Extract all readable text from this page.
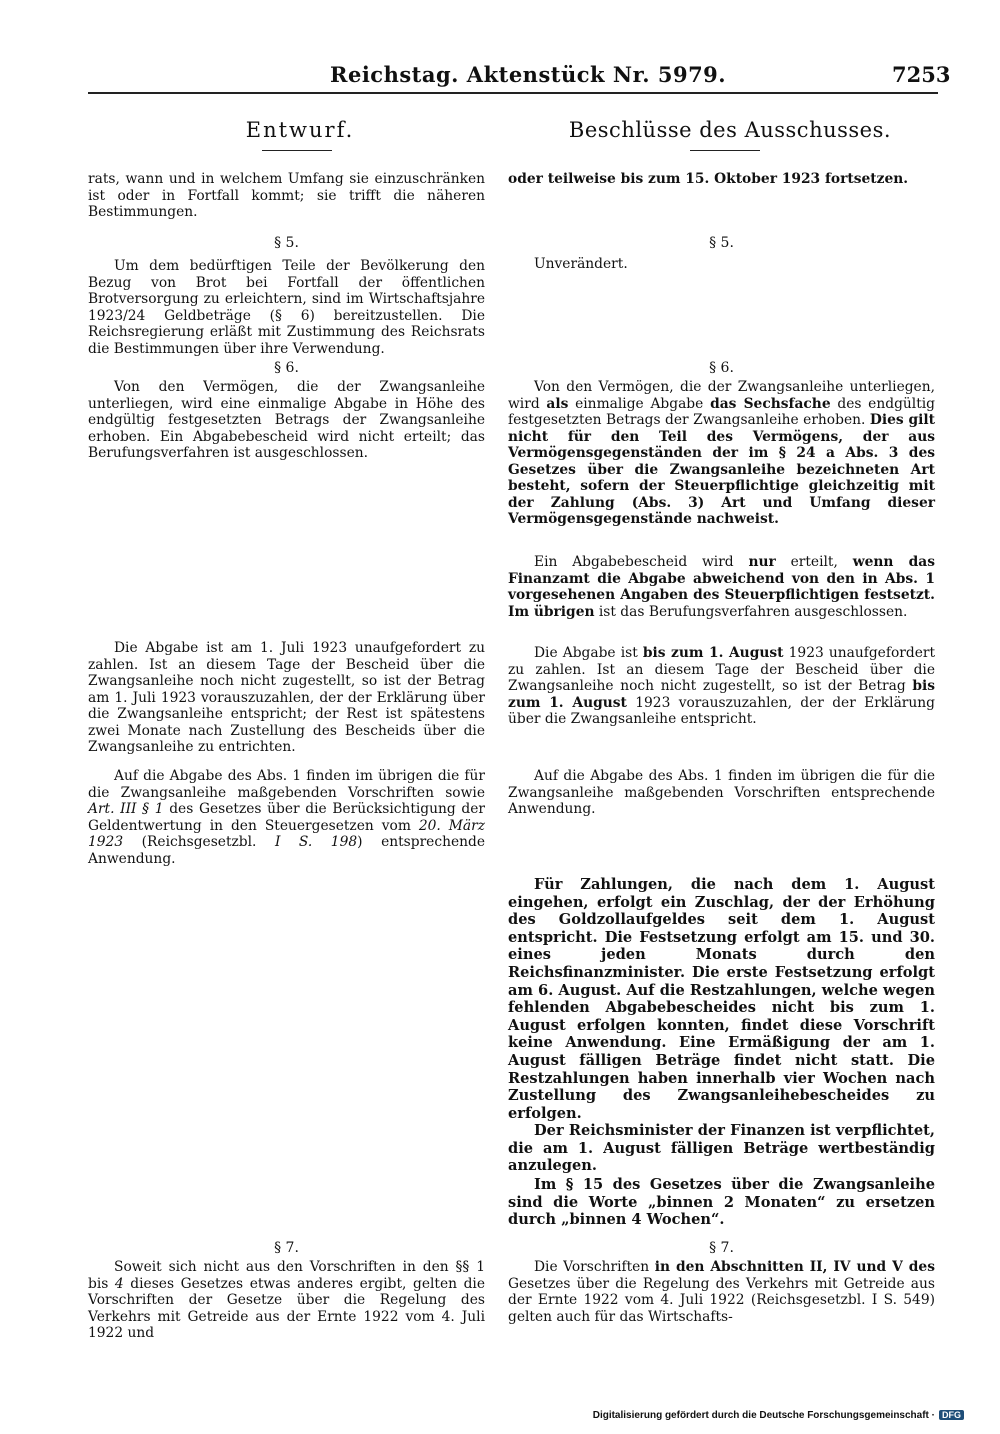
Reichstag. Aktenstück Nr. 5979.	7253
Entwurf.	Beschlüsse des Ausschusses.

rats, wann und in welchem Umfang sie einzuschränken ist oder in Fortfall kommt; sie trifft die näheren Bestimmungen.

§ 5.

Um dem bedürftigen Teile der Bevölkerung den Bezug von Brot bei Fortfall der öffentlichen Brotversorgung zu erleichtern, sind im Wirtschaftsjahre 1923/24 Geldbeträge (§ 6) bereitzustellen. Die Reichsregierung erläßt mit Zustimmung des Reichsrats die Bestimmungen über ihre Verwendung.

§ 6.

Von den Vermögen, die der Zwangsanleihe unterliegen, wird eine einmalige Abgabe in Höhe des endgültig festgesetzten Betrags der Zwangsanleihe erhoben. Ein Abgabebescheid wird nicht erteilt; das Berufungsverfahren ist ausgeschlossen.

Die Abgabe ist am 1. Juli 1923 unaufgefordert zu zahlen. Ist an diesem Tage der Bescheid über die Zwangsanleihe noch nicht zugestellt, so ist der Betrag am 1. Juli 1923 vorauszuzahlen, der der Erklärung über die Zwangsanleihe entspricht; der Rest ist spätestens zwei Monate nach Zustellung des Bescheids über die Zwangsanleihe zu entrichten.

Auf die Abgabe des Abs. 1 finden im übrigen die für die Zwangsanleihe maßgebenden Vorschriften sowie Art. III § 1 des Gesetzes über die Berücksichtigung der Geldentwertung in den Steuergesetzen vom 20. März 1923 (Reichsgesetzbl. I S. 198) entsprechende Anwendung.

§ 7.

Soweit sich nicht aus den Vorschriften in den §§ 1 bis 4 dieses Gesetzes etwas anderes ergibt, gelten die Vorschriften der Gesetze über die Regelung des Verkehrs mit Getreide aus der Ernte 1922 vom 4. Juli 1922 und

oder teilweise bis zum 15. Oktober 1923 fortsetzen.

§ 5.

Unverändert.

§ 6.

Von den Vermögen, die der Zwangsanleihe unterliegen, wird als einmalige Abgabe das Sechsfache des endgültig festgesetzten Betrags der Zwangsanleihe erhoben. Dies gilt nicht für den Teil des Vermögens, der aus Vermögensgegenständen der im § 24 a Abs. 3 des Gesetzes über die Zwangsanleihe bezeichneten Art besteht, sofern der Steuerpflichtige gleichzeitig mit der Zahlung (Abs. 3) Art und Umfang dieser Vermögensgegenstände nachweist.

Ein Abgabebescheid wird nur erteilt, wenn das Finanzamt die Abgabe abweichend von den in Abs. 1 vorgesehenen Angaben des Steuerpflichtigen festsetzt. Im übrigen ist das Berufungsverfahren ausgeschlossen.

Die Abgabe ist bis zum 1. August 1923 unaufgefordert zu zahlen. Ist an diesem Tage der Bescheid über die Zwangsanleihe noch nicht zugestellt, so ist der Betrag bis zum 1. August 1923 vorauszuzahlen, der der Erklärung über die Zwangsanleihe entspricht.

Auf die Abgabe des Abs. 1 finden im übrigen die für die Zwangsanleihe maßgebenden Vorschriften entsprechende Anwendung.

Für Zahlungen, die nach dem 1. August eingehen, erfolgt ein Zuschlag, der der Erhöhung des Goldzollaufgeldes seit dem 1. August entspricht. Die Festsetzung erfolgt am 15. und 30. eines jeden Monats durch den Reichsfinanzminister. Die erste Festsetzung erfolgt am 6. August. Auf die Restzahlungen, welche wegen fehlenden Abgabebescheides nicht bis zum 1. August erfolgen konnten, findet diese Vorschrift keine Anwendung. Eine Ermäßigung der am 1. August fälligen Beträge findet nicht statt. Die Restzahlungen haben innerhalb vier Wochen nach Zustellung des Zwangsanleihebescheides zu erfolgen.

Der Reichsminister der Finanzen ist verpflichtet, die am 1. August fälligen Beträge wertbeständig anzulegen.

Im § 15 des Gesetzes über die Zwangsanleihe sind die Worte „binnen 2 Monaten“ zu ersetzen durch „binnen 4 Wochen“.

§ 7.

Die Vorschriften in den Abschnitten II, IV und V des Gesetzes über die Regelung des Verkehrs mit Getreide aus der Ernte 1922 vom 4. Juli 1922 (Reichsgesetzbl. I S. 549) gelten auch für das Wirtschafts-

Digitalisierung gefördert durch die Deutsche Forschungsgemeinschaft · DFG
